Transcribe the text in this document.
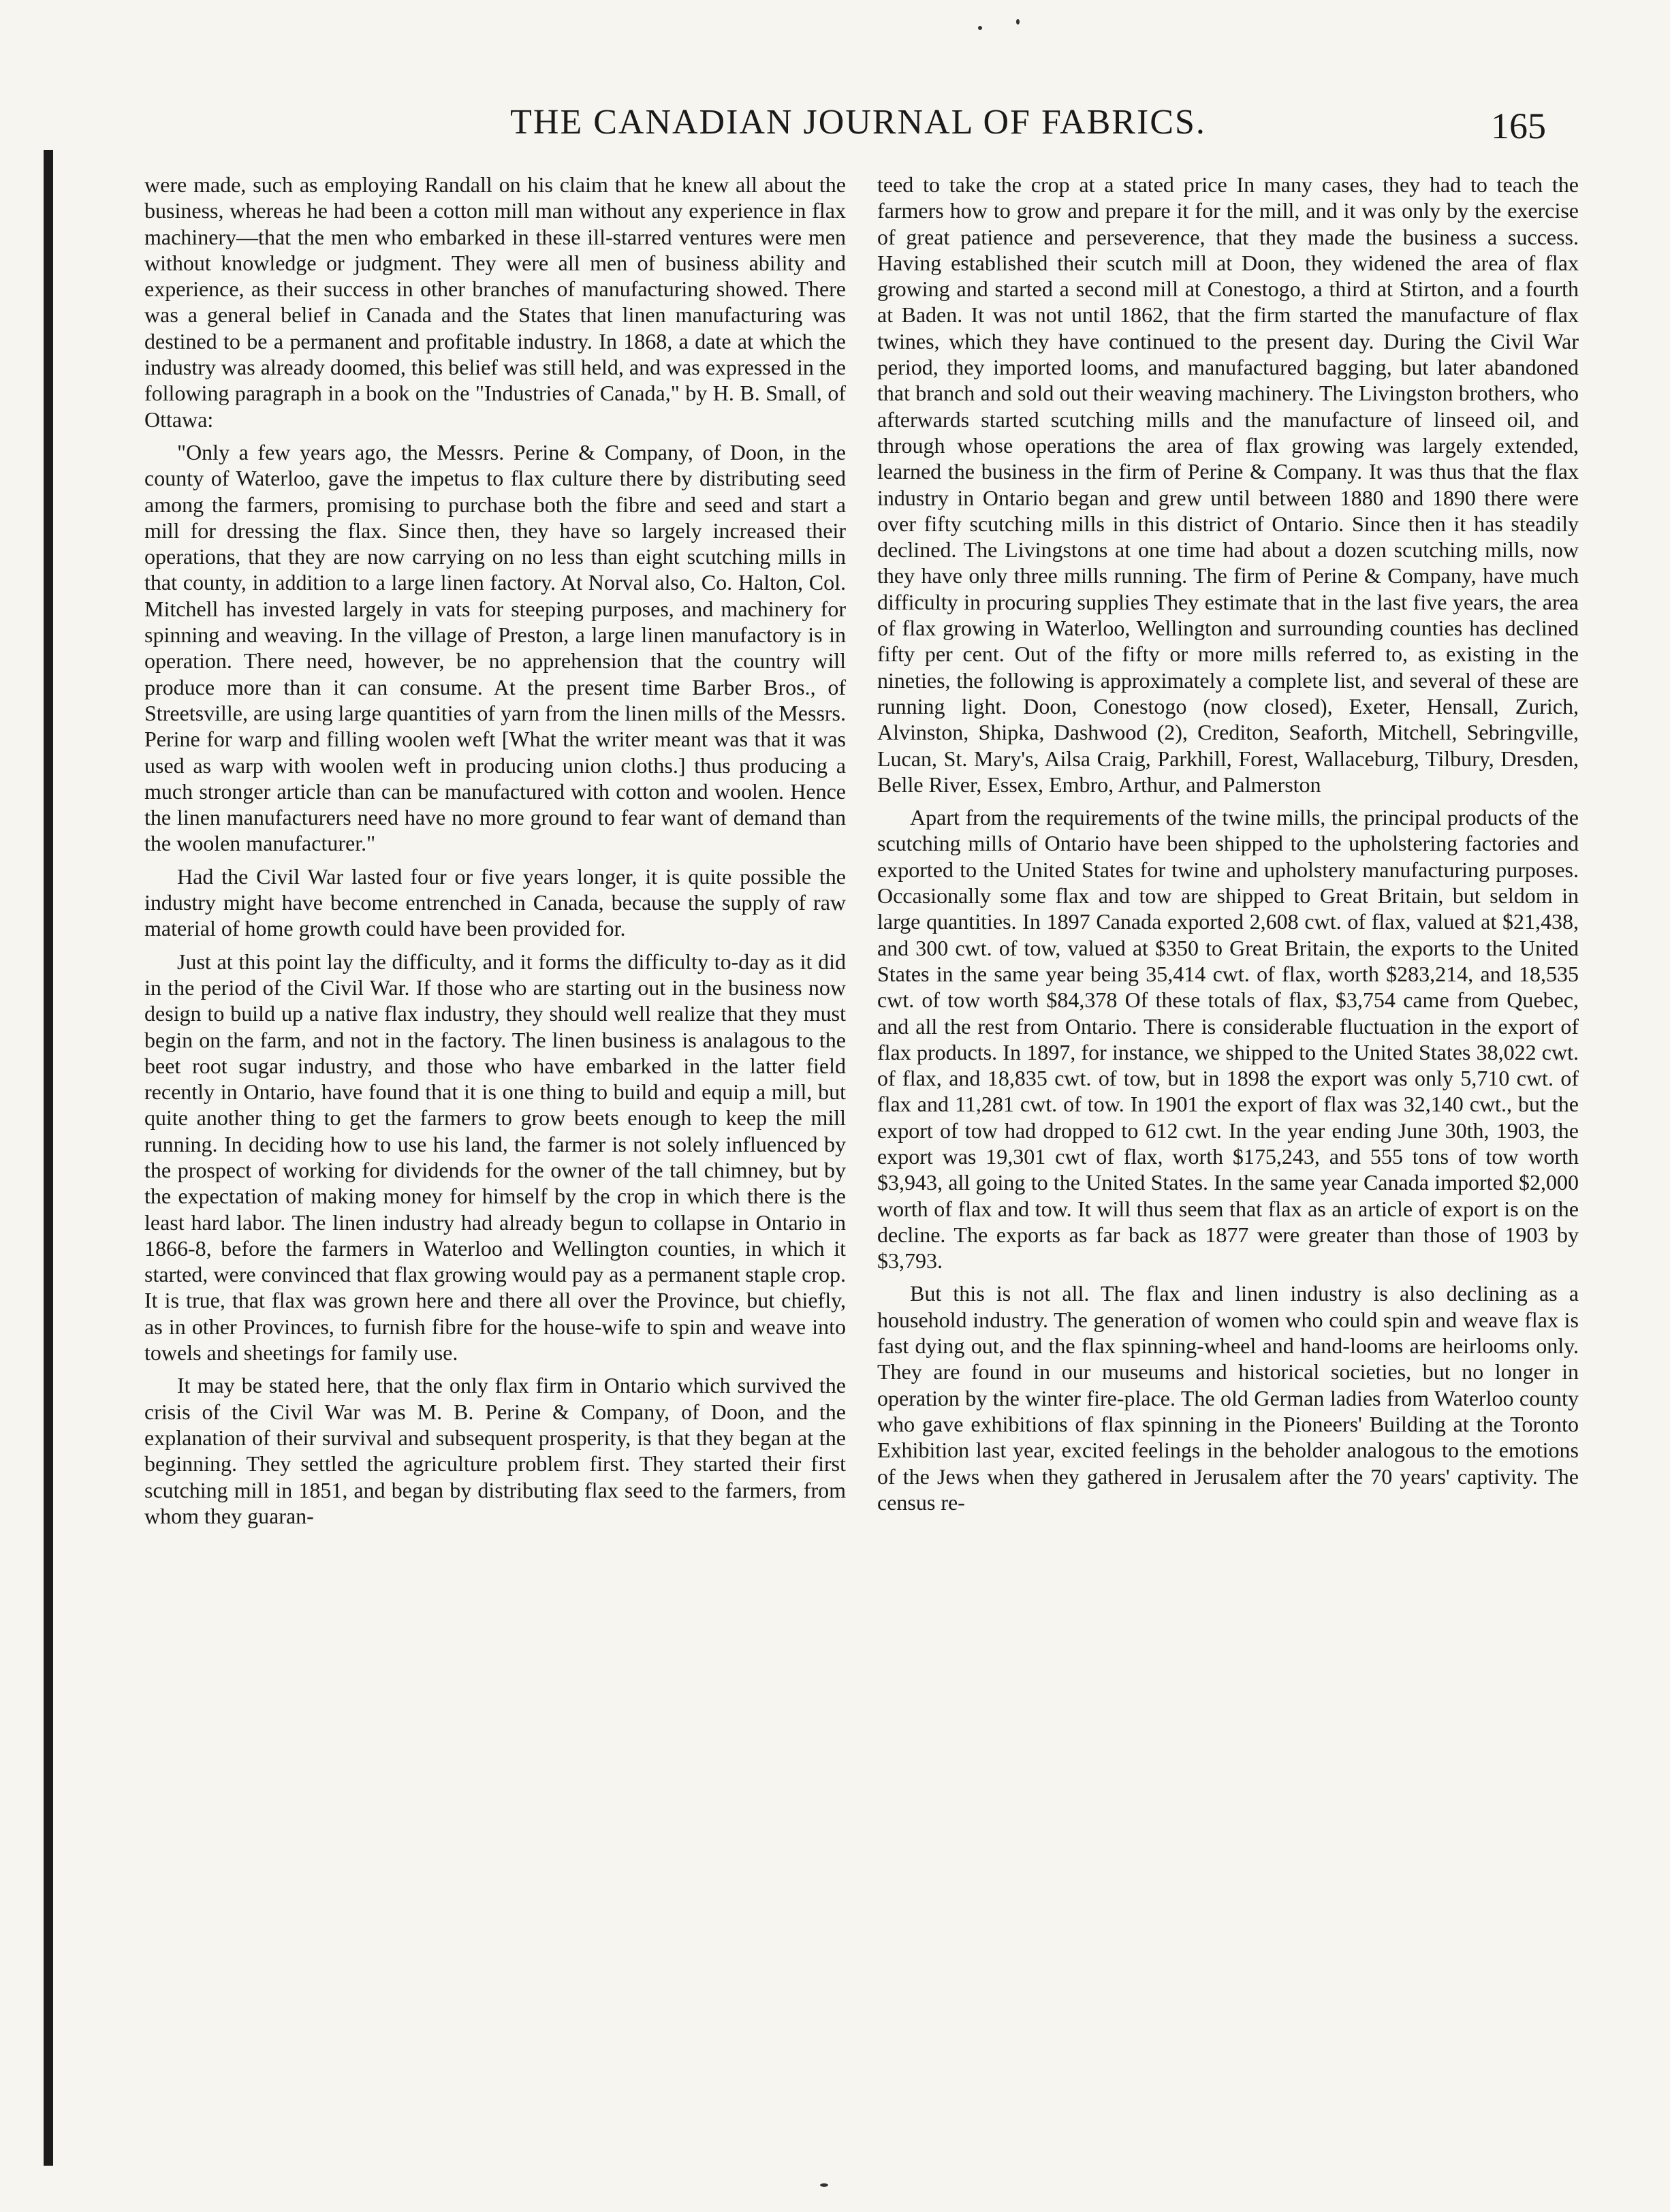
THE CANADIAN JOURNAL OF FABRICS.	165

were made, such as employing Randall on his claim that he knew all about the business, whereas he had been a cotton mill man without any experience in flax machinery—that the men who embarked in these ill-starred ventures were men without knowledge or judgment. They were all men of business ability and experience, as their success in other branches of manufacturing showed. There was a general belief in Canada and the States that linen manufacturing was destined to be a permanent and profitable industry. In 1868, a date at which the industry was already doomed, this belief was still held, and was expressed in the following paragraph in a book on the "Industries of Canada," by H. B. Small, of Ottawa:

"Only a few years ago, the Messrs. Perine & Company, of Doon, in the county of Waterloo, gave the impetus to flax culture there by distributing seed among the farmers, promising to purchase both the fibre and seed and start a mill for dressing the flax. Since then, they have so largely increased their operations, that they are now carrying on no less than eight scutching mills in that county, in addition to a large linen factory. At Norval also, Co. Halton, Col. Mitchell has invested largely in vats for steeping purposes, and machinery for spinning and weaving. In the village of Preston, a large linen manufactory is in operation. There need, however, be no apprehension that the country will produce more than it can consume. At the present time Barber Bros., of Streetsville, are using large quantities of yarn from the linen mills of the Messrs. Perine for warp and filling woolen weft [What the writer meant was that it was used as warp with woolen weft in producing union cloths.] thus producing a much stronger article than can be manufactured with cotton and woolen. Hence the linen manufacturers need have no more ground to fear want of demand than the woolen manufacturer."

Had the Civil War lasted four or five years longer, it is quite possible the industry might have become entrenched in Canada, because the supply of raw material of home growth could have been provided for.

Just at this point lay the difficulty, and it forms the difficulty to-day as it did in the period of the Civil War. If those who are starting out in the business now design to build up a native flax industry, they should well realize that they must begin on the farm, and not in the factory. The linen business is analagous to the beet root sugar industry, and those who have embarked in the latter field recently in Ontario, have found that it is one thing to build and equip a mill, but quite another thing to get the farmers to grow beets enough to keep the mill running. In deciding how to use his land, the farmer is not solely influenced by the prospect of working for dividends for the owner of the tall chimney, but by the expectation of making money for himself by the crop in which there is the least hard labor. The linen industry had already begun to collapse in Ontario in 1866-8, before the farmers in Waterloo and Wellington counties, in which it started, were convinced that flax growing would pay as a permanent staple crop. It is true, that flax was grown here and there all over the Province, but chiefly, as in other Provinces, to furnish fibre for the house-wife to spin and weave into towels and sheetings for family use.

It may be stated here, that the only flax firm in Ontario which survived the crisis of the Civil War was M. B. Perine & Company, of Doon, and the explanation of their survival and subsequent prosperity, is that they began at the beginning. They settled the agriculture problem first. They started their first scutching mill in 1851, and began by distributing flax seed to the farmers, from whom they guaran-

teed to take the crop at a stated price In many cases, they had to teach the farmers how to grow and prepare it for the mill, and it was only by the exercise of great patience and perseverence, that they made the business a success. Having established their scutch mill at Doon, they widened the area of flax growing and started a second mill at Conestogo, a third at Stirton, and a fourth at Baden. It was not until 1862, that the firm started the manufacture of flax twines, which they have continued to the present day. During the Civil War period, they imported looms, and manufactured bagging, but later abandoned that branch and sold out their weaving machinery. The Livingston brothers, who afterwards started scutching mills and the manufacture of linseed oil, and through whose operations the area of flax growing was largely extended, learned the business in the firm of Perine & Company. It was thus that the flax industry in Ontario began and grew until between 1880 and 1890 there were over fifty scutching mills in this district of Ontario. Since then it has steadily declined. The Livingstons at one time had about a dozen scutching mills, now they have only three mills running. The firm of Perine & Company, have much difficulty in procuring supplies They estimate that in the last five years, the area of flax growing in Waterloo, Wellington and surrounding counties has declined fifty per cent. Out of the fifty or more mills referred to, as existing in the nineties, the following is approximately a complete list, and several of these are running light. Doon, Conestogo (now closed), Exeter, Hensall, Zurich, Alvinston, Shipka, Dashwood (2), Crediton, Seaforth, Mitchell, Sebringville, Lucan, St. Mary's, Ailsa Craig, Parkhill, Forest, Wallaceburg, Tilbury, Dresden, Belle River, Essex, Embro, Arthur, and Palmerston

Apart from the requirements of the twine mills, the principal products of the scutching mills of Ontario have been shipped to the upholstering factories and exported to the United States for twine and upholstery manufacturing purposes. Occasionally some flax and tow are shipped to Great Britain, but seldom in large quantities. In 1897 Canada exported 2,608 cwt. of flax, valued at $21,438, and 300 cwt. of tow, valued at $350 to Great Britain, the exports to the United States in the same year being 35,414 cwt. of flax, worth $283,214, and 18,535 cwt. of tow worth $84,378 Of these totals of flax, $3,754 came from Quebec, and all the rest from Ontario. There is considerable fluctuation in the export of flax products. In 1897, for instance, we shipped to the United States 38,022 cwt. of flax, and 18,835 cwt. of tow, but in 1898 the export was only 5,710 cwt. of flax and 11,281 cwt. of tow. In 1901 the export of flax was 32,140 cwt., but the export of tow had dropped to 612 cwt. In the year ending June 30th, 1903, the export was 19,301 cwt of flax, worth $175,243, and 555 tons of tow worth $3,943, all going to the United States. In the same year Canada imported $2,000 worth of flax and tow. It will thus seem that flax as an article of export is on the decline. The exports as far back as 1877 were greater than those of 1903 by $3,793.

But this is not all. The flax and linen industry is also declining as a household industry. The generation of women who could spin and weave flax is fast dying out, and the flax spinning-wheel and hand-looms are heirlooms only. They are found in our museums and historical societies, but no longer in operation by the winter fire-place. The old German ladies from Waterloo county who gave exhibitions of flax spinning in the Pioneers' Building at the Toronto Exhibition last year, excited feelings in the beholder analogous to the emotions of the Jews when they gathered in Jerusalem after the 70 years' captivity. The census re-
